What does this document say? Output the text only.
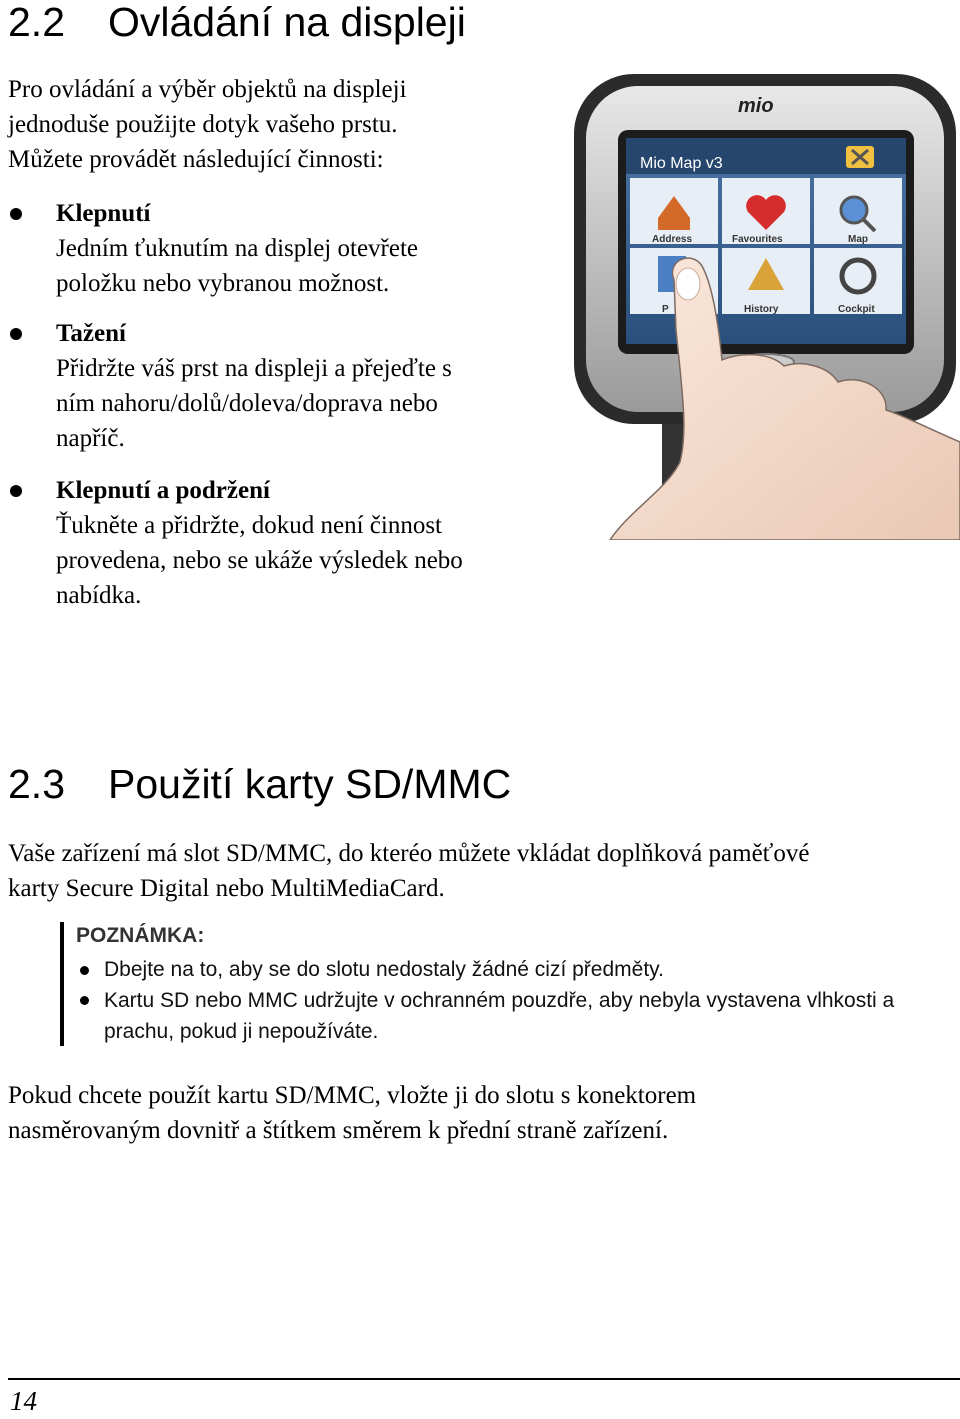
2.2 Ovládání na displeji
Pro ovládání a výběr objektů na displeji
jednoduše použijte dotyk vašeho prstu.
Můžete provádět následující činnosti:
Klepnutí
Jedním ťuknutím na displej otevřete
položku nebo vybranou možnost.
Tažení
Přidržte váš prst na displeji a přejeďte s
ním nahoru/dolů/doleva/doprava nebo
napříč.
Klepnutí a podržení
Ťukněte a přidržte, dokud není činnost
provedena, nebo se ukáže výsledek nebo
nabídka.
mio
Mio Map v3
Address	Favourites	Map
P	History	Cockpit
2.3 Použití karty SD/MMC
Vaše zařízení má slot SD/MMC, do kteréo můžete vkládat doplňková paměťové
karty Secure Digital nebo MultiMediaCard.
POZNÁMKA:
Dbejte na to, aby se do slotu nedostaly žádné cizí předměty.
Kartu SD nebo MMC udržujte v ochranném pouzdře, aby nebyla vystavena vlhkosti a
prachu, pokud ji nepoužíváte.
Pokud chcete použít kartu SD/MMC, vložte ji do slotu s konektorem
nasměrovaným dovnitř a štítkem směrem k přední straně zařízení.
14
